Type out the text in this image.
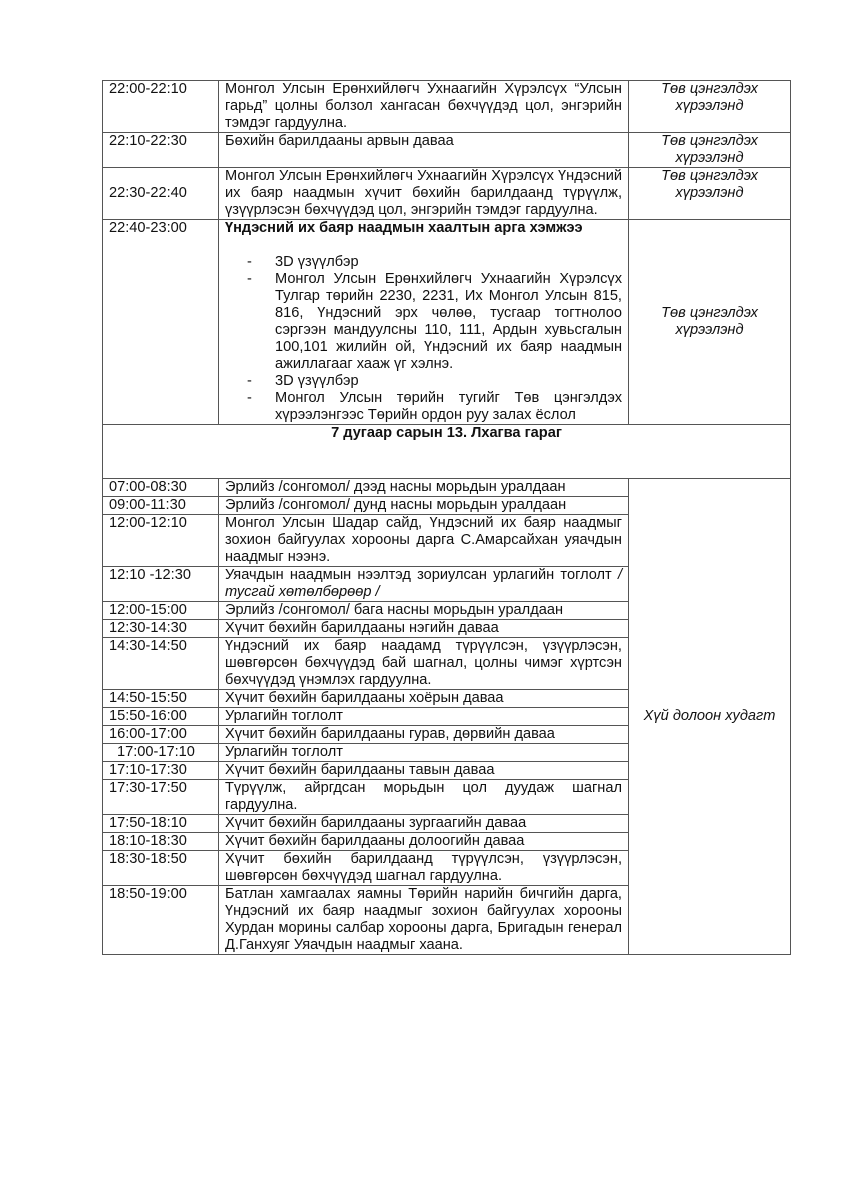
22:00-22:10	Монгол Улсын Ерөнхийлөгч Ухнаагийн Хүрэлсүх “Улсын гарьд” цолны болзол хангасан бөхчүүдэд цол, энгэрийн тэмдэг гардуулна.	Төв цэнгэлдэх хүрээлэнд
22:10-22:30	Бөхийн барилдааны арвын даваа	Төв цэнгэлдэх хүрээлэнд
22:30-22:40	Монгол Улсын Ерөнхийлөгч Ухнаагийн Хүрэлсүх Үндэсний их баяр наадмын хүчит бөхийн барилдаанд түрүүлж, үзүүрлэсэн бөхчүүдэд цол, энгэрийн тэмдэг гардуулна.	Төв цэнгэлдэх хүрээлэнд
22:40-23:00	Үндэсний их баяр наадмын хаалтын арга хэмжээ
- 3D үзүүлбэр
- Монгол Улсын Ерөнхийлөгч Ухнаагийн Хүрэлсүх Тулгар төрийн 2230, 2231, Их Монгол Улсын 815, 816, Үндэсний эрх чөлөө, тусгаар тогтнолоо сэргээн мандуулсны 110, 111, Ардын хувьсгалын 100,101 жилийн ой, Үндэсний их баяр наадмын ажиллагааг хааж үг хэлнэ.
- 3D үзүүлбэр
- Монгол Улсын төрийн тугийг Төв цэнгэлдэх хүрээлэнгээс Төрийн ордон руу залах ёслол
	Төв цэнгэлдэх хүрээлэнд
7 дугаар сарын 13. Лхагва гараг		
07:00-08:30	Эрлийз /сонгомол/ дээд насны морьдын уралдаан	Хүй долоон худагт
09:00-11:30	Эрлийз /сонгомол/ дунд насны морьдын уралдаан	
12:00-12:10	Монгол Улсын Шадар сайд, Үндэсний их баяр наадмыг зохион байгуулах хорооны дарга С.Амарсайхан уяачдын наадмыг нээнэ.	
12:10 -12:30	Уяачдын наадмын нээлтэд зориулсан урлагийн тоглолт / тусгай хөтөлбөрөөр /	
12:00-15:00	Эрлийз /сонгомол/ бага насны морьдын уралдаан	
12:30-14:30	Хүчит бөхийн барилдааны нэгийн даваа	
14:30-14:50	Үндэсний их баяр наадамд түрүүлсэн, үзүүрлэсэн, шөвгөрсөн бөхчүүдэд бай шагнал, цолны чимэг хүртсэн бөхчүүдэд үнэмлэх гардуулна.	
14:50-15:50	Хүчит бөхийн барилдааны хоёрын даваа	
15:50-16:00	Урлагийн тоглолт	
16:00-17:00	Хүчит бөхийн барилдааны гурав, дөрвийн даваа	
17:00-17:10	Урлагийн тоглолт	
17:10-17:30	Хүчит бөхийн барилдааны тавын даваа	
17:30-17:50	Түрүүлж, айргдсан морьдын цол дуудаж шагнал гардуулна.	
17:50-18:10	Хүчит бөхийн барилдааны зургаагийн даваа	
18:10-18:30	Хүчит бөхийн барилдааны долоогийн даваа	
18:30-18:50	Хүчит бөхийн барилдаанд түрүүлсэн, үзүүрлэсэн, шөвгөрсөн бөхчүүдэд шагнал гардуулна.	
18:50-19:00	Батлан хамгаалах яамны Төрийн нарийн бичгийн дарга, Үндэсний их баяр наадмыг зохион байгуулах хорооны Хурдан морины салбар хорооны дарга, Бригадын генерал Д.Ганхуяг Уяачдын наадмыг хаана.	
